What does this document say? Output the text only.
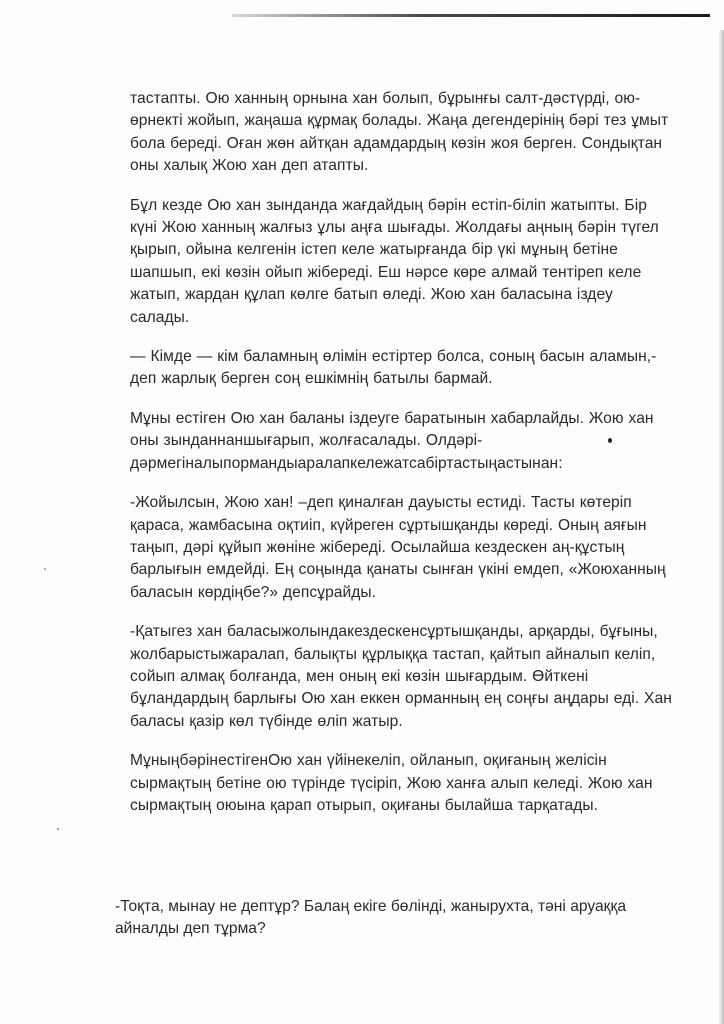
тастапты. Ою ханның орнына хан болып, бұрынғы салт-дәстүрді, ою-
өрнекті жойып, жаңаша құрмақ болады. Жаңа дегендерінің бәрі тез ұмыт
бола береді. Оған жөн айтқан адамдардың көзін жоя берген. Сондықтан
оны халық Жою хан деп атапты.

Бұл кезде Ою хан зынданда жағдайдың бәрін естіп-біліп жатыпты. Бір
күні Жою ханның жалғыз ұлы аңға шығады. Жолдағы аңның бәрін түгел
қырып, ойына келгенін істеп келе жатырғанда бір үкі мұның бетіне
шапшып, екі көзін ойып жібереді. Еш нәрсе көре алмай тентіреп келе
жатып, жардан құлап көлге батып өледі. Жою хан баласына іздеу
салады.

— Кімде — кім баламның өлімін естіртер болса, соның басын аламын,-
деп жарлық берген соң ешкімнің батылы бармай.

Мұны естіген Ою хан баланы іздеуге баратынын хабарлайды. Жою хан
оны зынданнаншығарып, жолғасалады. Олдәрі-
дәрмегіналыпормандыаралапкележатсабіртастыңастынан:

-Жойылсын, Жою хан! –деп қиналған дауысты естиді. Тасты көтеріп
қараса, жамбасына оқтиіп, күйреген сұртышқанды көреді. Оның аяғын
таңып, дәрі құйып жөніне жібереді. Осылайша кездескен аң-құстың
барлығын емдейді. Ең соңында қанаты сынған үкіні емдеп, «Жоюханның
баласын көрдіңбе?» депсұрайды.

-Қатыгез хан баласыжолындакездескенсұртышқанды, арқарды, бұғыны,
жолбарыстыжаралап, балықты құрлыққа тастап, қайтып айналып келіп,
сойып алмақ болғанда, мен оның екі көзін шығардым. Өйткені
бұландардың барлығы Ою хан еккен орманның ең соңғы аңдары еді. Хан
баласы қазір көл түбінде өліп жатыр.

МұныңбәрінестігенОю хан үйінекеліп, ойланып, оқиғаның желісін
сырмақтың бетіне ою түрінде түсіріп, Жою ханға алып келеді. Жою хан
сырмақтың оюына қарап отырып, оқиғаны былайша тарқатады.

-Тоқта, мынау не дептұр? Балаң екіге бөлінді, жанырухта, тәні аруаққа
айналды деп тұрма?
